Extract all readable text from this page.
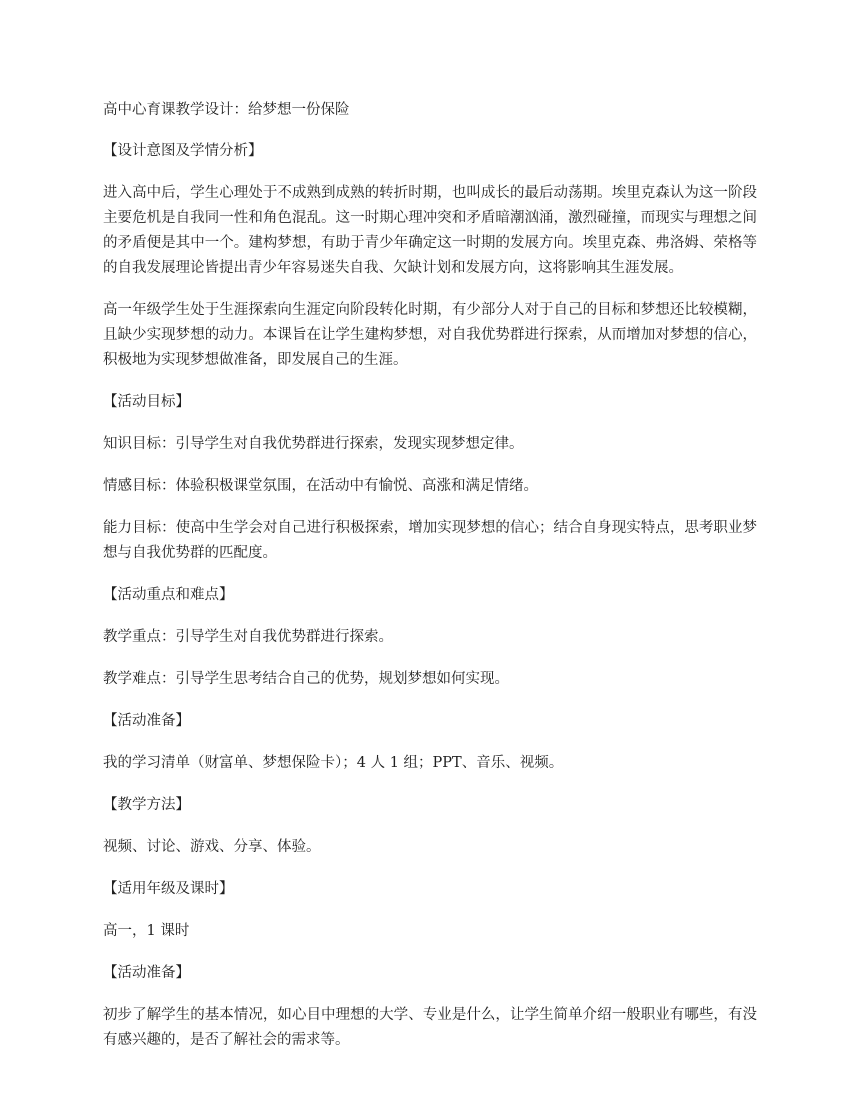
高中心育课教学设计：给梦想一份保险

【设计意图及学情分析】

进入高中后，学生心理处于不成熟到成熟的转折时期，也叫成长的最后动荡期。埃里克森认为这一阶段主要危机是自我同一性和角色混乱。这一时期心理冲突和矛盾暗潮汹涌，激烈碰撞，而现实与理想之间的矛盾便是其中一个。建构梦想，有助于青少年确定这一时期的发展方向。埃里克森、弗洛姆、荣格等的自我发展理论皆提出青少年容易迷失自我、欠缺计划和发展方向，这将影响其生涯发展。

高一年级学生处于生涯探索向生涯定向阶段转化时期，有少部分人对于自己的目标和梦想还比较模糊，且缺少实现梦想的动力。本课旨在让学生建构梦想，对自我优势群进行探索，从而增加对梦想的信心，积极地为实现梦想做准备，即发展自己的生涯。

【活动目标】

知识目标：引导学生对自我优势群进行探索，发现实现梦想定律。

情感目标：体验积极课堂氛围，在活动中有愉悦、高涨和满足情绪。

能力目标：使高中生学会对自己进行积极探索，增加实现梦想的信心；结合自身现实特点，思考职业梦想与自我优势群的匹配度。

【活动重点和难点】

教学重点：引导学生对自我优势群进行探索。

教学难点：引导学生思考结合自己的优势，规划梦想如何实现。

【活动准备】

我的学习清单（财富单、梦想保险卡）；4 人 1 组；PPT、音乐、视频。

【教学方法】

视频、讨论、游戏、分享、体验。

【适用年级及课时】

高一，1 课时

【活动准备】

初步了解学生的基本情况，如心目中理想的大学、专业是什么，让学生简单介绍一般职业有哪些，有没有感兴趣的，是否了解社会的需求等。
